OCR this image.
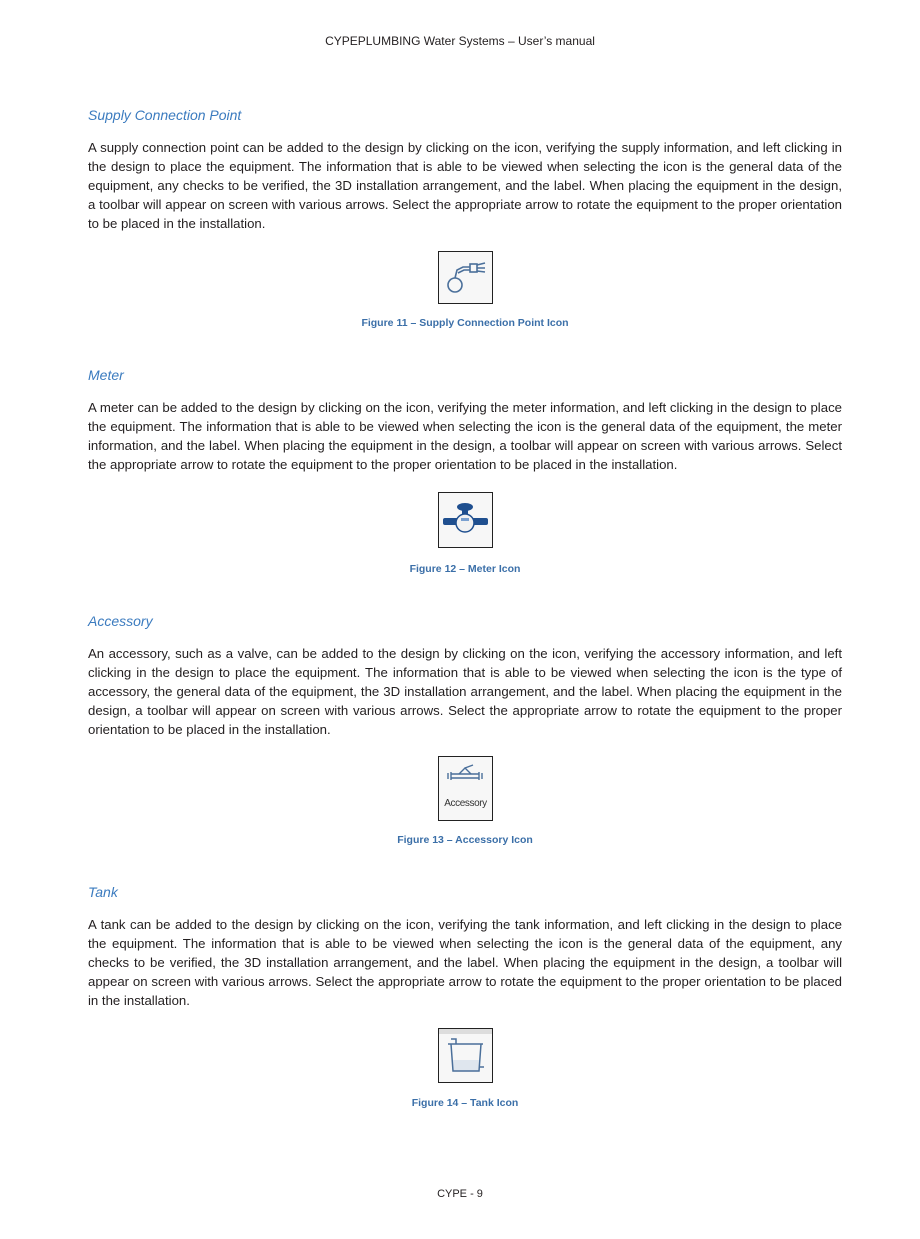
CYPEPLUMBING Water Systems – User’s manual
Supply Connection Point

A supply connection point can be added to the design by clicking on the icon, verifying the supply information, and left clicking in the design to place the equipment. The information that is able to be viewed when selecting the icon is the general data of the equipment, any checks to be verified, the 3D installation arrangement, and the label. When placing the equipment in the design, a toolbar will appear on screen with various arrows. Select the appropriate arrow to rotate the equipment to the proper orientation to be placed in the installation.

Figure 11 – Supply Connection Point Icon
Meter

A meter can be added to the design by clicking on the icon, verifying the meter information, and left clicking in the design to place the equipment. The information that is able to be viewed when selecting the icon is the general data of the equipment, the meter information, and the label. When placing the equipment in the design, a toolbar will appear on screen with various arrows. Select the appropriate arrow to rotate the equipment to the proper orientation to be placed in the installation.

Figure 12 – Meter Icon
Accessory

An accessory, such as a valve, can be added to the design by clicking on the icon, verifying the accessory information, and left clicking in the design to place the equipment. The information that is able to be viewed when selecting the icon is the type of accessory, the general data of the equipment, the 3D installation arrangement, and the label. When placing the equipment in the design, a toolbar will appear on screen with various arrows. Select the appropriate arrow to rotate the equipment to the proper orientation to be placed in the installation.

Accessory
Figure 13 – Accessory Icon
Tank

A tank can be added to the design by clicking on the icon, verifying the tank information, and left clicking in the design to place the equipment. The information that is able to be viewed when selecting the icon is the general data of the equipment, any checks to be verified, the 3D installation arrangement, and the label. When placing the equipment in the design, a toolbar will appear on screen with various arrows. Select the appropriate arrow to rotate the equipment to the proper orientation to be placed in the installation.

Figure 14 – Tank Icon
CYPE - 9
